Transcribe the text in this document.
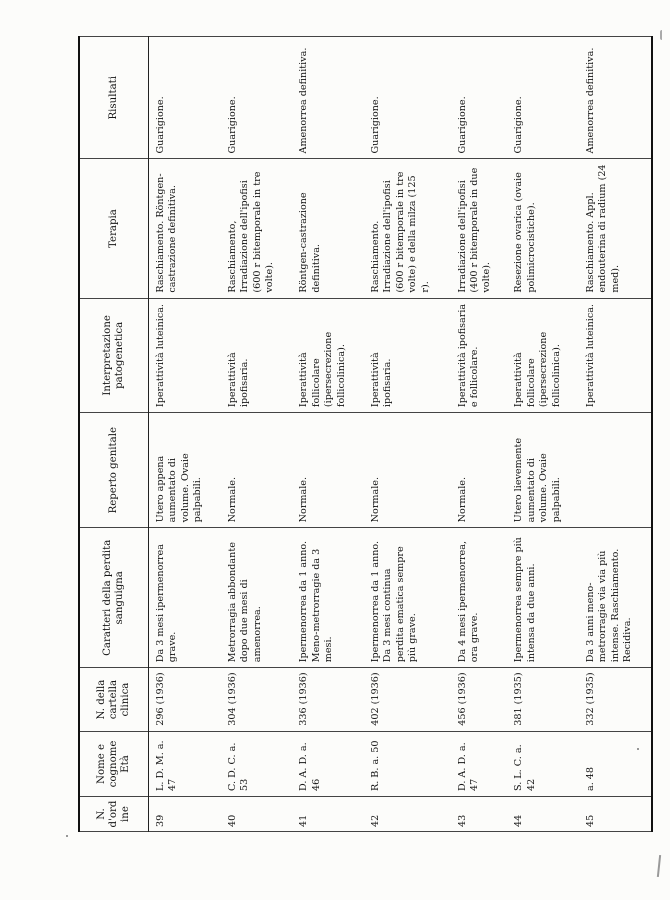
N. d'ordine	Nome e cognome Età	N. della cartella clinica	Caratteri della perdita sanguigna	Reperto genitale	Interpretazione patogenetica	Terapia	Risultati
39	L. D. M. a. 47	296 (1936)	Da 3 mesi ipermenorrea grave.	Utero appena aumentato di volume. Ovaie palpabili.	Iperattività luteinica.	Raschiamento. Röntgen-castrazione definitiva.	Guarigione.
40	C. D. C. a. 53	304 (1936)	Metrorragia abbondante dopo due mesi di amenorrea.	Normale.	Iperattività ipofisaria.	Raschiamento, Irradiazione dell'ipofisi (600 r bitemporale in tre volte).	Guarigione.
41	D. A. D. a. 46	336 (1936)	Ipermenorrea da 1 anno. Meno-metrorragie da 3 mesi.	Normale.	Iperattività follicolare (ipersecrezione follicolinica).	Röntgen-castrazione definitiva.	Amenorrea definitiva.
42	R. B. a. 50	402 (1936)	Ipermenorrea da 1 anno. Da 3 mesi continua perdita ematica sempre più grave.	Normale.	Iperattività ipofisaria.	Raschiamento. Irradiazione dell'ipofisi (600 r bitemporale in tre volte) e della milza (125 r).	Guarigione.
43	D. A. D. a. 47	456 (1936)	Da 4 mesi ipermenorrea, ora grave.	Normale.	Iperattività ipofisaria e follicolare.	Irradiazione dell'ipofisi (400 r bitemporale in due volte).	Guarigione.
44	S. L. C. a. 42	381 (1935)	Ipermenorrea sempre più intensa da due anni.	Utero lievemente aumentato di volume. Ovaie palpabili.	Iperattività follicolare (ipersecrezione follicolinica).	Resezione ovarica (ovaie polimicrocistiche).	Guarigione.
45	a. 48	332 (1935)	Da 3 anni meno-metrorragie via via più intense. Raschiamento. Recidiva.		Iperattività luteinica.	Raschiamento. Appl. endouterina di radium (24 med).	Amenorrea definitiva.
